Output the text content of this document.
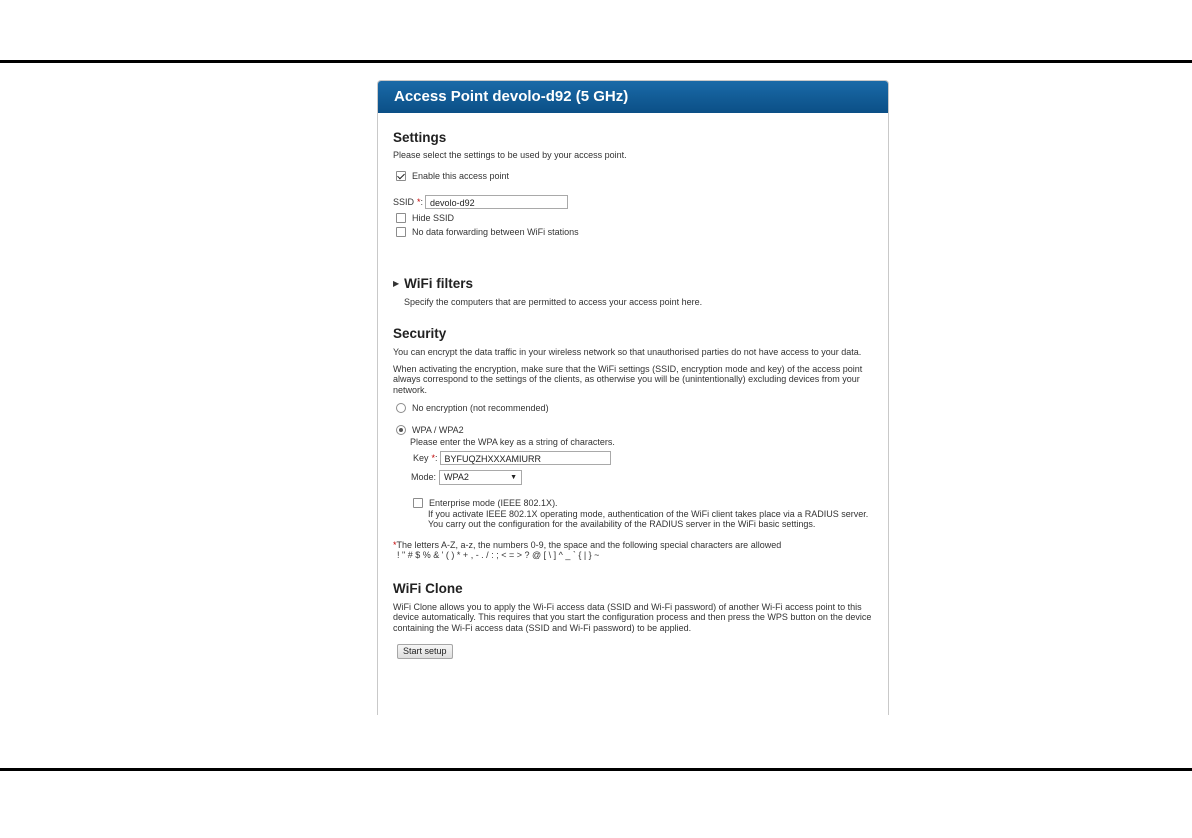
Access Point devolo-d92 (5 GHz)
Settings
Please select the settings to be used by your access point.
Enable this access point
SSID * : devolo-d92
Hide SSID
No data forwarding between WiFi stations
▶ WiFi filters
Specify the computers that are permitted to access your access point here.
Security
You can encrypt the data traffic in your wireless network so that unauthorised parties do not have access to your data.
When activating the encryption, make sure that the WiFi settings (SSID, encryption mode and key) of the access point always correspond to the settings of the clients, as otherwise you will be (unintentionally) excluding devices from your network.
No encryption (not recommended)
WPA / WPA2
Please enter the WPA key as a string of characters.
Key * : BYFUQZHXXXAMIURR
Mode: WPA2	▼
Enterprise mode (IEEE 802.1X).
If you activate IEEE 802.1X operating mode, authentication of the WiFi client takes place via a RADIUS server. You carry out the configuration for the availability of the RADIUS server in the WiFi basic settings.
*The letters A-Z, a-z, the numbers 0-9, the space and the following special characters are allowed
! " # $ % & ' ( ) * + , - . / : ; < = > ? @ [ \ ] ^ _ ` { | } ~
WiFi Clone
WiFi Clone allows you to apply the Wi-Fi access data (SSID and Wi-Fi password) of another Wi-Fi access point to this device automatically. This requires that you start the configuration process and then press the WPS button on the device containing the Wi-Fi access data (SSID and Wi-Fi password) to be applied.
Start setup
